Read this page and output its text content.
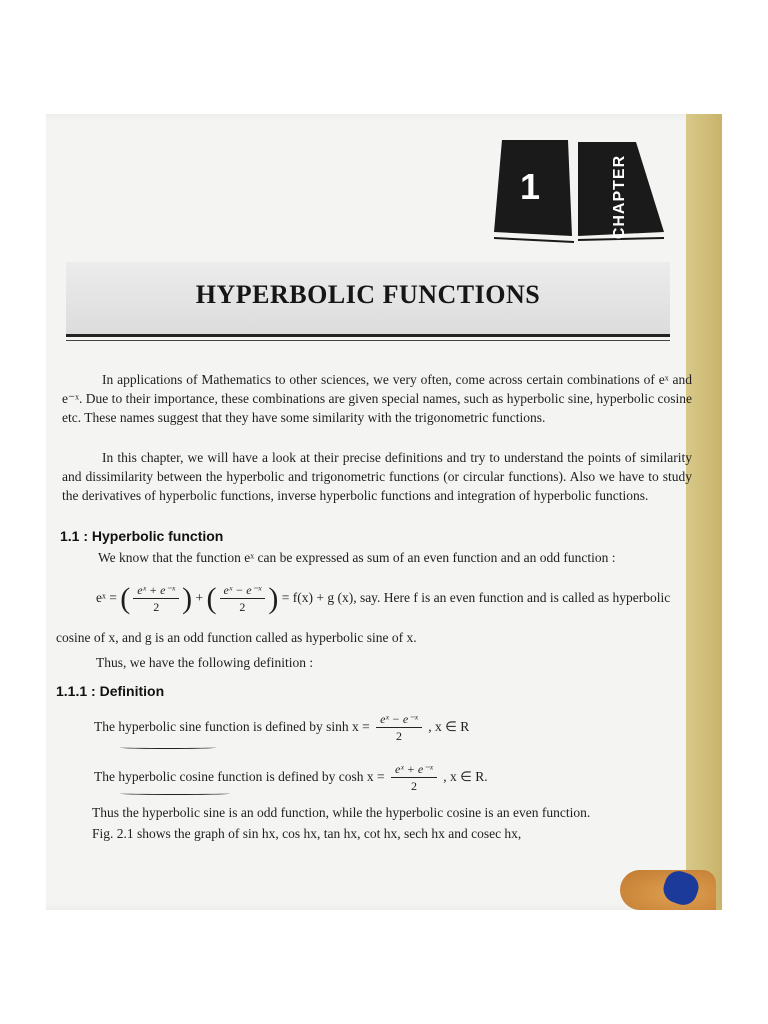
1	CHAPTER
HYPERBOLIC FUNCTIONS

In applications of Mathematics to other sciences, we very often, come across certain combinations of eˣ and e⁻ˣ. Due to their importance, these combinations are given special names, such as hyperbolic sine, hyperbolic cosine etc. These names suggest that they have some similarity with the trigonometric functions.

In this chapter, we will have a look at their precise definitions and try to understand the points of similarity and dissimilarity between the hyperbolic and trigonometric functions (or circular functions). Also we have to study the derivatives of hyperbolic functions, inverse hyperbolic functions and integration of hyperbolic functions.

1.1 : Hyperbolic function
We know that the function eˣ can be expressed as sum of an even function and an odd function :
eˣ = ( $\frac{\text{eˣ + e⁻ˣ}}{2}$ ) + ( $\frac{\text{eˣ − e⁻ˣ}}{2}$ ) = f(x) + g (x), say. Here f is an even function and is called as hyperbolic
cosine of x, and g is an odd function called as hyperbolic sine of x.
Thus, we have the following definition :
1.1.1 : Definition
The hyperbolic sine function is defined by $\sinh x = \frac{\text{eˣ − e⁻ˣ}}{2}$ , x ∈ R
The hyperbolic cosine function is defined by $\cosh x = \frac{\text{eˣ + e⁻ˣ}}{2}$ , x ∈ R.
Thus the hyperbolic sine is an odd function, while the hyperbolic cosine is an even function.
Fig. 2.1 shows the graph of sin hx, cos hx, tan hx, cot hx, sech hx and cosec hx,
